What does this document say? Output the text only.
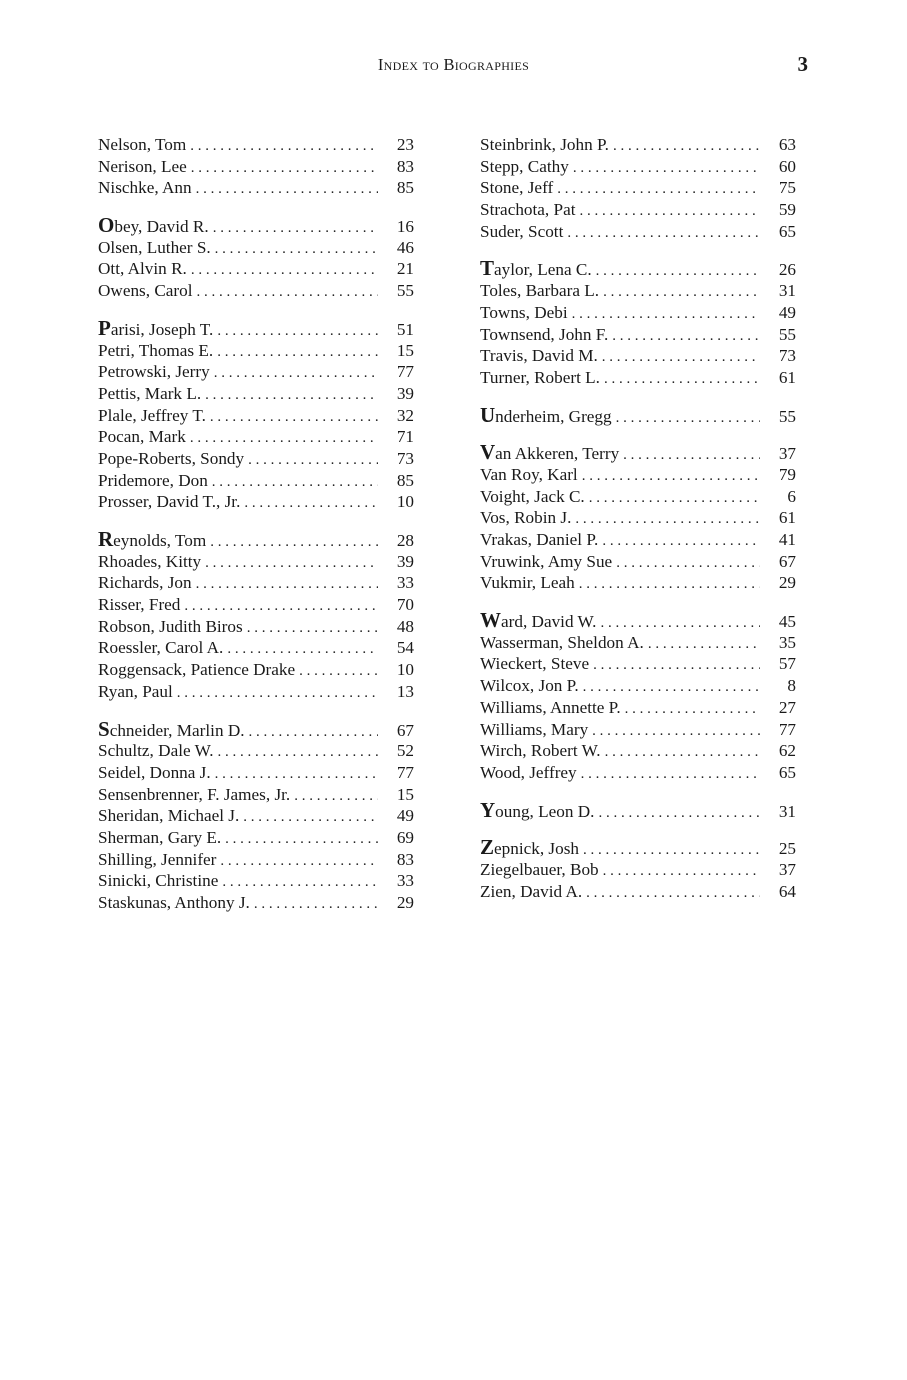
Index to Biographies	3
Nelson, Tom . . .	23
Nerison, Lee . . .	83
Nischke, Ann . . .	85
Obey, David R. . . .	16
Olsen, Luther S. . . .	46
Ott, Alvin R. . . .	21
Owens, Carol . . .	55
Parisi, Joseph T. . . .	51
Petri, Thomas E. . . .	15
Petrowski, Jerry . . .	77
Pettis, Mark L. . . .	39
Plale, Jeffrey T. . . .	32
Pocan, Mark . . .	71
Pope-Roberts, Sondy . . .	73
Pridemore, Don . . .	85
Prosser, David T., Jr. . . .	10
Reynolds, Tom . . .	28
Rhoades, Kitty . . .	39
Richards, Jon . . .	33
Risser, Fred . . .	70
Robson, Judith Biros . . .	48
Roessler, Carol A. . . .	54
Roggensack, Patience Drake . . .	10
Ryan, Paul . . .	13
Schneider, Marlin D. . . .	67
Schultz, Dale W. . . .	52
Seidel, Donna J. . . .	77
Sensenbrenner, F. James, Jr. . . .	15
Sheridan, Michael J. . . .	49
Sherman, Gary E. . . .	69
Shilling, Jennifer . . .	83
Sinicki, Christine . . .	33
Staskunas, Anthony J. . . .	29
Steinbrink, John P. . . .	63
Stepp, Cathy . . .	60
Stone, Jeff . . .	75
Strachota, Pat . . .	59
Suder, Scott . . .	65
Taylor, Lena C. . . .	26
Toles, Barbara L. . . .	31
Towns, Debi . . .	49
Townsend, John F. . . .	55
Travis, David M. . . .	73
Turner, Robert L. . . .	61
Underheim, Gregg . . .	55
Van Akkeren, Terry . . .	37
Van Roy, Karl . . .	79
Voight, Jack C. . . .	6
Vos, Robin J. . . .	61
Vrakas, Daniel P. . . .	41
Vruwink, Amy Sue . . .	67
Vukmir, Leah . . .	29
Ward, David W. . . .	45
Wasserman, Sheldon A. . . .	35
Wieckert, Steve . . .	57
Wilcox, Jon P. . . .	8
Williams, Annette P. . . .	27
Williams, Mary . . .	77
Wirch, Robert W. . . .	62
Wood, Jeffrey . . .	65
Young, Leon D. . . .	31
Zepnick, Josh . . .	25
Ziegelbauer, Bob . . .	37
Zien, David A. . . .	64
